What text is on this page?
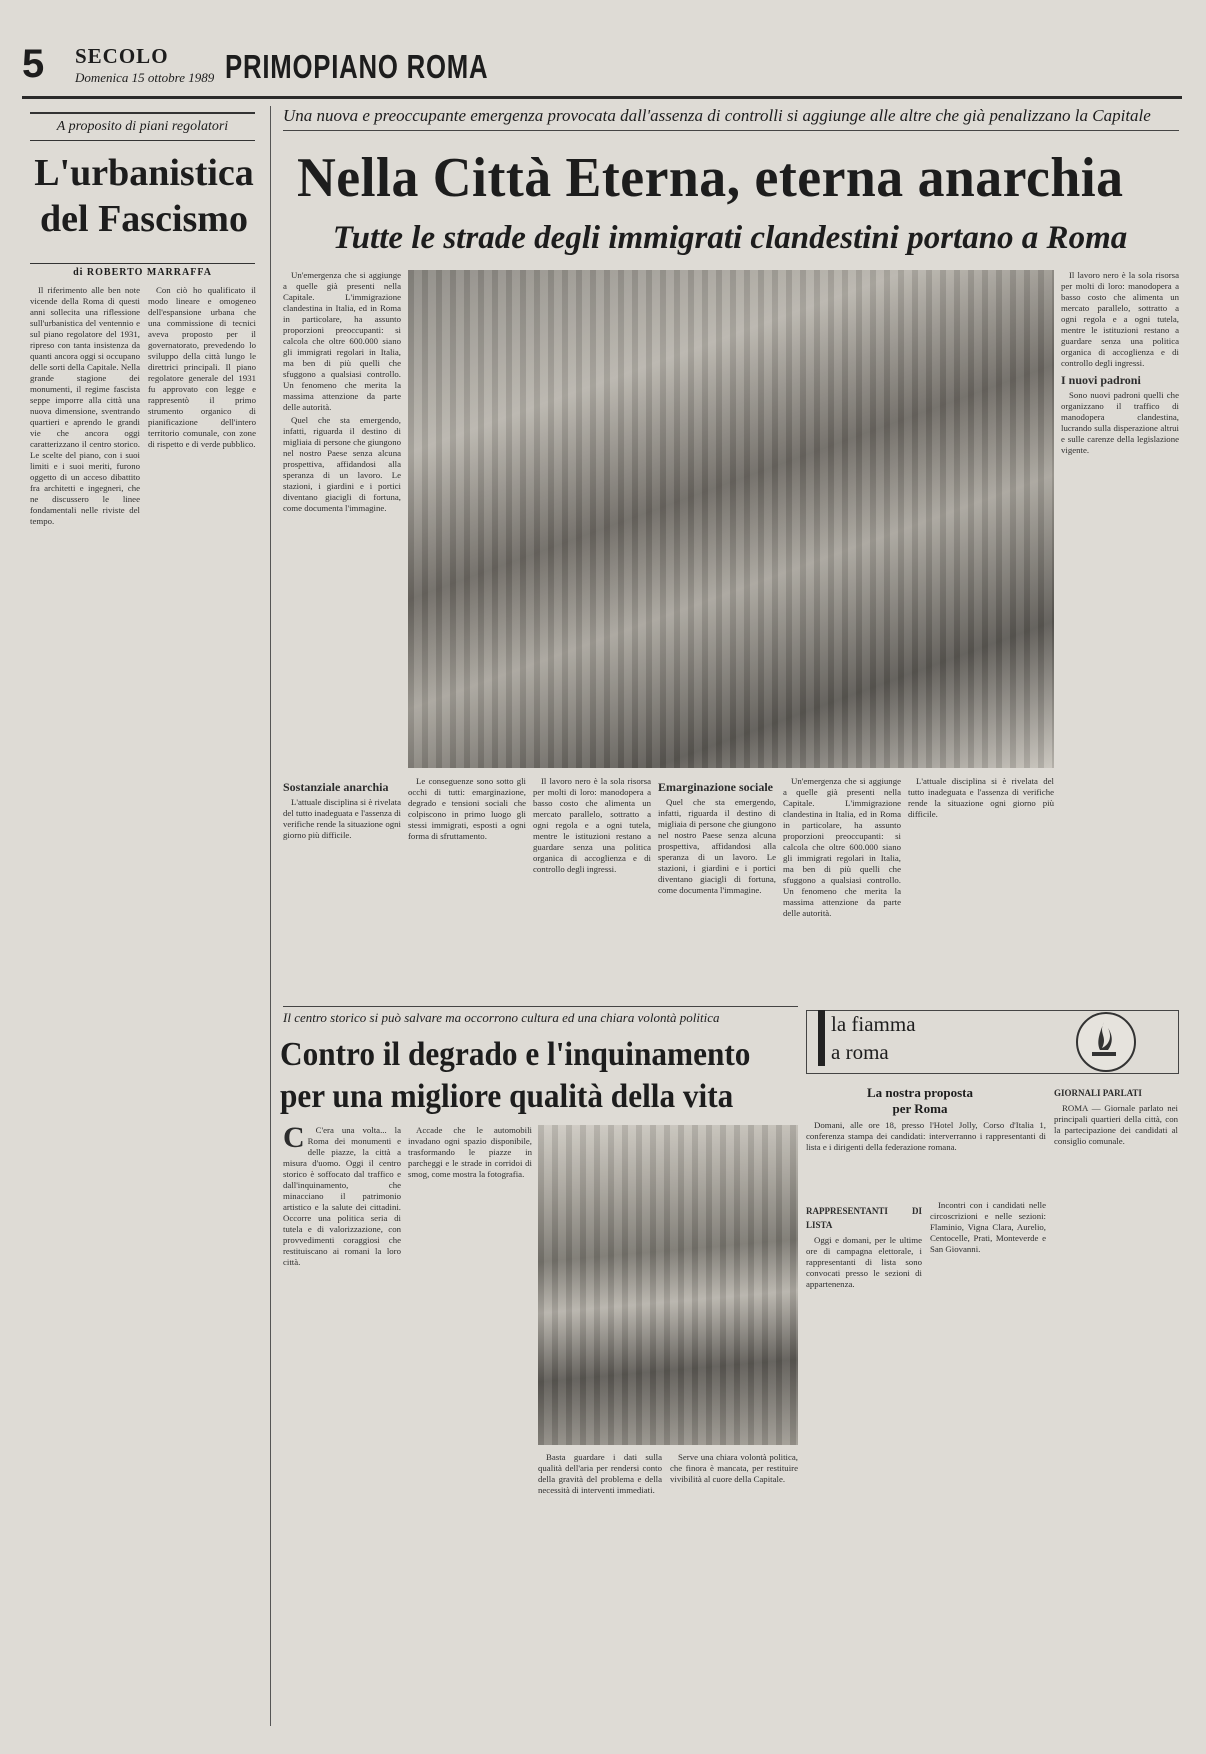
5 SECOLO
Domenica 15 ottobre 1989 PRIMOPIANO ROMA
A proposito di piani regolatori
L'urbanistica
del Fascismo
di ROBERTO MARRAFFA

Il riferimento alle ben note vicende della Roma di questi anni sollecita una riflessione sull'urbanistica del ventennio e sul piano regolatore del 1931, ripreso con tanta insistenza da quanti ancora oggi si occupano delle sorti della Capitale. Nella grande stagione dei monumenti, il regime fascista seppe imporre alla città una nuova dimensione, sventrando quartieri e aprendo le grandi vie che ancora oggi caratterizzano il centro storico. Le scelte del piano, con i suoi limiti e i suoi meriti, furono oggetto di un acceso dibattito fra architetti e ingegneri, che ne discussero le linee fondamentali nelle riviste del tempo.

Con ciò ho qualificato il modo lineare e omogeneo dell'espansione urbana che una commissione di tecnici aveva proposto per il governatorato, prevedendo lo sviluppo della città lungo le direttrici principali. Il piano regolatore generale del 1931 fu approvato con legge e rappresentò il primo strumento organico di pianificazione dell'intero territorio comunale, con zone di rispetto e di verde pubblico.

Una nuova e preoccupante emergenza provocata dall'assenza di controlli si aggiunge alle altre che già penalizzano la Capitale
Nella Città Eterna, eterna anarchia
Tutte le strade degli immigrati clandestini portano a Roma

Un'emergenza che si aggiunge a quelle già presenti nella Capitale. L'immigrazione clandestina in Italia, ed in Roma in particolare, ha assunto proporzioni preoccupanti: si calcola che oltre 600.000 siano gli immigrati regolari in Italia, ma ben di più quelli che sfuggono a qualsiasi controllo. Un fenomeno che merita la massima attenzione da parte delle autorità.

Quel che sta emergendo, infatti, riguarda il destino di migliaia di persone che giungono nel nostro Paese senza alcuna prospettiva, affidandosi alla speranza di un lavoro. Le stazioni, i giardini e i portici diventano giacigli di fortuna, come documenta l'immagine.

Il lavoro nero è la sola risorsa per molti di loro: manodopera a basso costo che alimenta un mercato parallelo, sottratto a ogni regola e a ogni tutela, mentre le istituzioni restano a guardare senza una politica organica di accoglienza e di controllo degli ingressi.

I nuovi padroni

Sono nuovi padroni quelli che organizzano il traffico di manodopera clandestina, lucrando sulla disperazione altrui e sulle carenze della legislazione vigente.

Sostanziale anarchia

L'attuale disciplina si è rivelata del tutto inadeguata e l'assenza di verifiche rende la situazione ogni giorno più difficile.

Le conseguenze sono sotto gli occhi di tutti: emarginazione, degrado e tensioni sociali che colpiscono in primo luogo gli stessi immigrati, esposti a ogni forma di sfruttamento.

Il lavoro nero è la sola risorsa per molti di loro: manodopera a basso costo che alimenta un mercato parallelo, sottratto a ogni regola e a ogni tutela, mentre le istituzioni restano a guardare senza una politica organica di accoglienza e di controllo degli ingressi.

Emarginazione sociale

Quel che sta emergendo, infatti, riguarda il destino di migliaia di persone che giungono nel nostro Paese senza alcuna prospettiva, affidandosi alla speranza di un lavoro. Le stazioni, i giardini e i portici diventano giacigli di fortuna, come documenta l'immagine.

Un'emergenza che si aggiunge a quelle già presenti nella Capitale. L'immigrazione clandestina in Italia, ed in Roma in particolare, ha assunto proporzioni preoccupanti: si calcola che oltre 600.000 siano gli immigrati regolari in Italia, ma ben di più quelli che sfuggono a qualsiasi controllo. Un fenomeno che merita la massima attenzione da parte delle autorità.

L'attuale disciplina si è rivelata del tutto inadeguata e l'assenza di verifiche rende la situazione ogni giorno più difficile.

Il centro storico si può salvare ma occorrono cultura ed una chiara volontà politica
Contro il degrado e l'inquinamento
per una migliore qualità della vita
C	C'era una volta... la Roma dei monumenti e delle piazze, la città a misura d'uomo. Oggi il centro storico è soffocato dal traffico e dall'inquinamento, che minacciano il patrimonio artistico e la salute dei cittadini. Occorre una politica seria di tutela e di valorizzazione, con provvedimenti coraggiosi che restituiscano ai romani la loro città.

Accade che le automobili invadano ogni spazio disponibile, trasformando le piazze in parcheggi e le strade in corridoi di smog, come mostra la fotografia.

Basta guardare i dati sulla qualità dell'aria per rendersi conto della gravità del problema e della necessità di interventi immediati.

Serve una chiara volontà politica, che finora è mancata, per restituire vivibilità al cuore della Capitale.

la fiamma
a roma
La nostra proposta
per Roma

Domani, alle ore 18, presso l'Hotel Jolly, Corso d'Italia 1, conferenza stampa dei candidati: interverranno i rappresentanti di lista e i dirigenti della federazione romana.

RAPPRESENTANTI DI LISTA

Oggi e domani, per le ultime ore di campagna elettorale, i rappresentanti di lista sono convocati presso le sezioni di appartenenza.

Incontri con i candidati nelle circoscrizioni e nelle sezioni: Flaminio, Vigna Clara, Aurelio, Centocelle, Prati, Monteverde e San Giovanni.

GIORNALI PARLATI

ROMA — Giornale parlato nei principali quartieri della città, con la partecipazione dei candidati al consiglio comunale.
